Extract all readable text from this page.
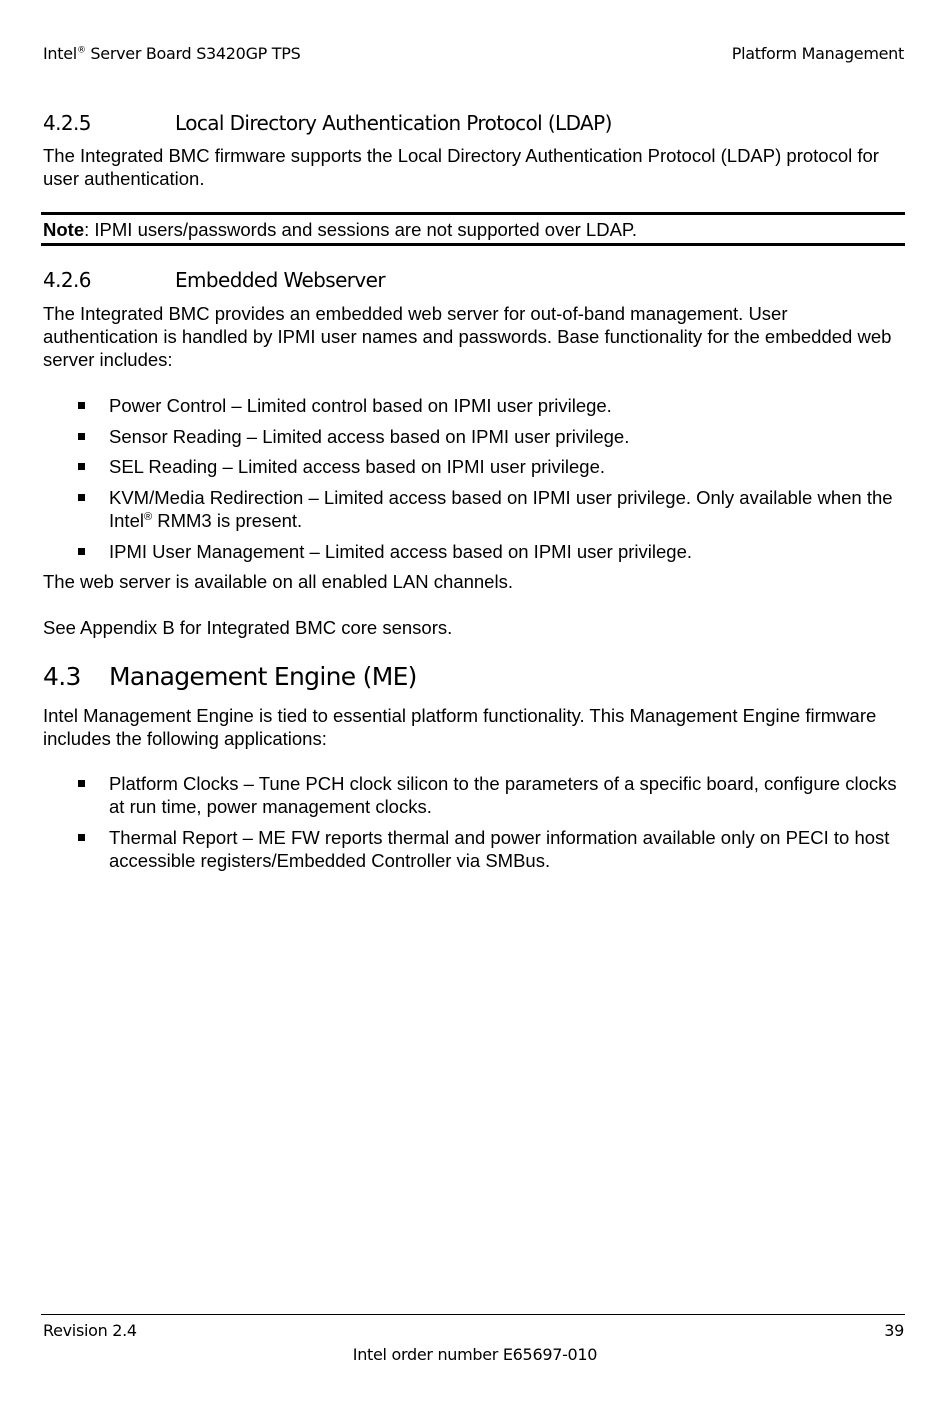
Intel® Server Board S3420GP TPS	Platform Management
4.2.5	Local Directory Authentication Protocol (LDAP)

The Integrated BMC firmware supports the Local Directory Authentication Protocol (LDAP) protocol for user authentication.

Note: IPMI users/passwords and sessions are not supported over LDAP.
4.2.6	Embedded Webserver

The Integrated BMC provides an embedded web server for out-of-band management. User authentication is handled by IPMI user names and passwords. Base functionality for the embedded web server includes:

Power Control – Limited control based on IPMI user privilege.
Sensor Reading – Limited access based on IPMI user privilege.
SEL Reading – Limited access based on IPMI user privilege.
KVM/Media Redirection – Limited access based on IPMI user privilege. Only available when the Intel® RMM3 is present.
IPMI User Management – Limited access based on IPMI user privilege.

The web server is available on all enabled LAN channels.

See Appendix B for Integrated BMC core sensors.

4.3 Management Engine (ME)

Intel Management Engine is tied to essential platform functionality. This Management Engine firmware includes the following applications:

Platform Clocks – Tune PCH clock silicon to the parameters of a specific board, configure clocks at run time, power management clocks.
Thermal Report – ME FW reports thermal and power information available only on PECI to host accessible registers/Embedded Controller via SMBus.
Revision 2.4	39
Intel order number E65697-010
